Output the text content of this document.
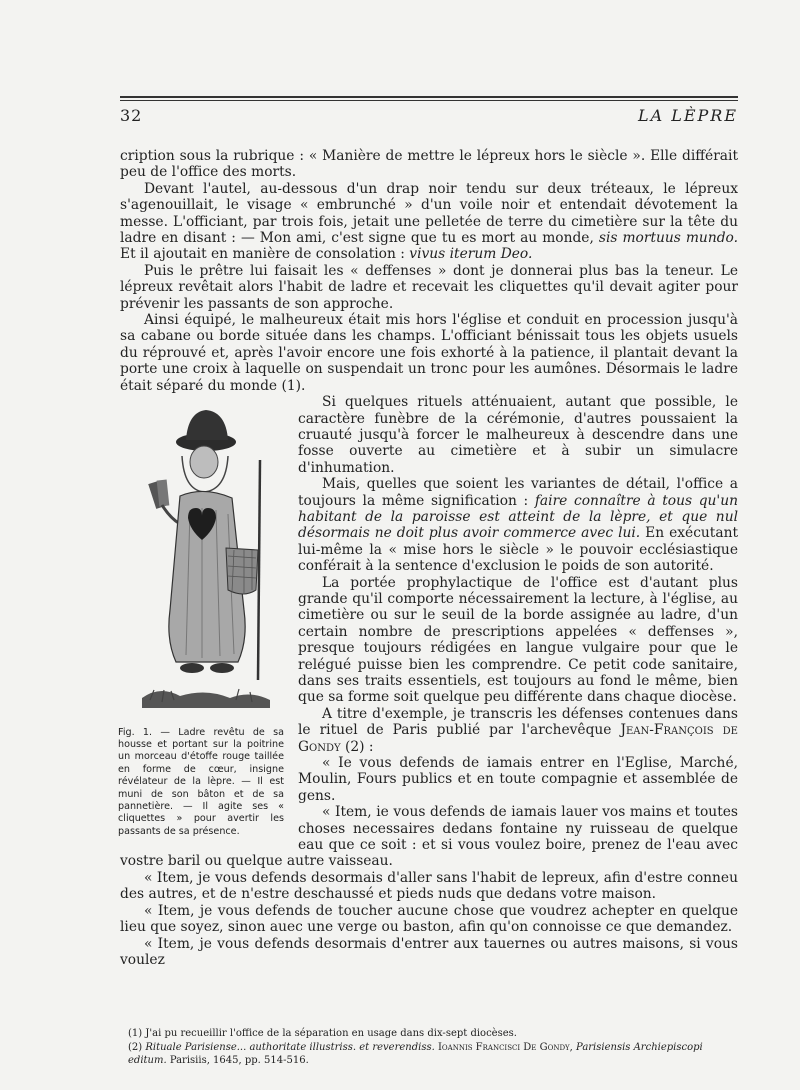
32	LA LÈPRE

cription sous la rubrique : « Manière de mettre le lépreux hors le siècle ». Elle différait peu de l'office des morts.

Devant l'autel, au-dessous d'un drap noir tendu sur deux tréteaux, le lépreux s'agenouillait, le visage « embrunché » d'un voile noir et entendait dévotement la messe. L'officiant, par trois fois, jetait une pelletée de terre du cimetière sur la tête du ladre en disant : — Mon ami, c'est signe que tu es mort au monde, sis mortuus mundo. Et il ajoutait en manière de consolation : vivus iterum Deo.

Puis le prêtre lui faisait les « deffenses » dont je donnerai plus bas la teneur. Le lépreux revêtait alors l'habit de ladre et recevait les cliquettes qu'il devait agiter pour prévenir les passants de son approche.

Ainsi équipé, le malheureux était mis hors l'église et conduit en procession jusqu'à sa cabane ou borde située dans les champs. L'officiant bénissait tous les objets usuels du réprouvé et, après l'avoir encore une fois exhorté à la patience, il plantait devant la porte une croix à laquelle on suspendait un tronc pour les aumônes. Désormais le ladre était séparé du monde (1).

Fig. 1. — Ladre revêtu de sa housse et portant sur la poitrine un morceau d'étoffe rouge taillée en forme de cœur, insigne révélateur de la lèpre. — Il est muni de son bâton et de sa pannetière. — Il agite ses « cliquettes » pour avertir les passants de sa présence.

Si quelques rituels atténuaient, autant que possible, le caractère funèbre de la cérémonie, d'autres poussaient la cruauté jusqu'à forcer le malheureux à descendre dans une fosse ouverte au cimetière et à subir un simulacre d'inhumation.

Mais, quelles que soient les variantes de détail, l'office a toujours la même signification : faire connaître à tous qu'un habitant de la paroisse est atteint de la lèpre, et que nul désormais ne doit plus avoir commerce avec lui. En exécutant lui-même la « mise hors le siècle » le pouvoir ecclésiastique conférait à la sentence d'exclusion le poids de son autorité.

La portée prophylactique de l'office est d'autant plus grande qu'il comporte nécessairement la lecture, à l'église, au cimetière ou sur le seuil de la borde assignée au ladre, d'un certain nombre de prescriptions appelées « deffenses », presque toujours rédigées en langue vulgaire pour que le relégué puisse bien les comprendre. Ce petit code sanitaire, dans ses traits essentiels, est toujours au fond le même, bien que sa forme soit quelque peu différente dans chaque diocèse.

A titre d'exemple, je transcris les défenses contenues dans le rituel de Paris publié par l'archevêque Jean-François de Gondy (2) :

« Ie vous defends de iamais entrer en l'Eglise, Marché, Moulin, Fours publics et en toute compagnie et assemblée de gens.

« Item, ie vous defends de iamais lauer vos mains et toutes choses necessaires dedans fontaine ny ruisseau de quelque eau que ce soit : et si vous voulez boire, prenez de l'eau avec vostre baril ou quelque autre vaisseau.

« Item, je vous defends desormais d'aller sans l'habit de lepreux, afin d'estre conneu des autres, et de n'estre deschaussé et pieds nuds que dedans votre maison.

« Item, je vous defends de toucher aucune chose que voudrez achepter en quelque lieu que soyez, sinon auec une verge ou baston, afin qu'on connoisse ce que demandez.

« Item, je vous defends desormais d'entrer aux tauernes ou autres maisons, si vous voulez

(1) J'ai pu recueillir l'office de la séparation en usage dans dix-sept diocèses.

(2) Rituale Parisiense... authoritate illustriss. et reverendiss. Ioannis Francisci De Gondy, Parisiensis Archiepiscopi editum. Parisiis, 1645, pp. 514-516.
